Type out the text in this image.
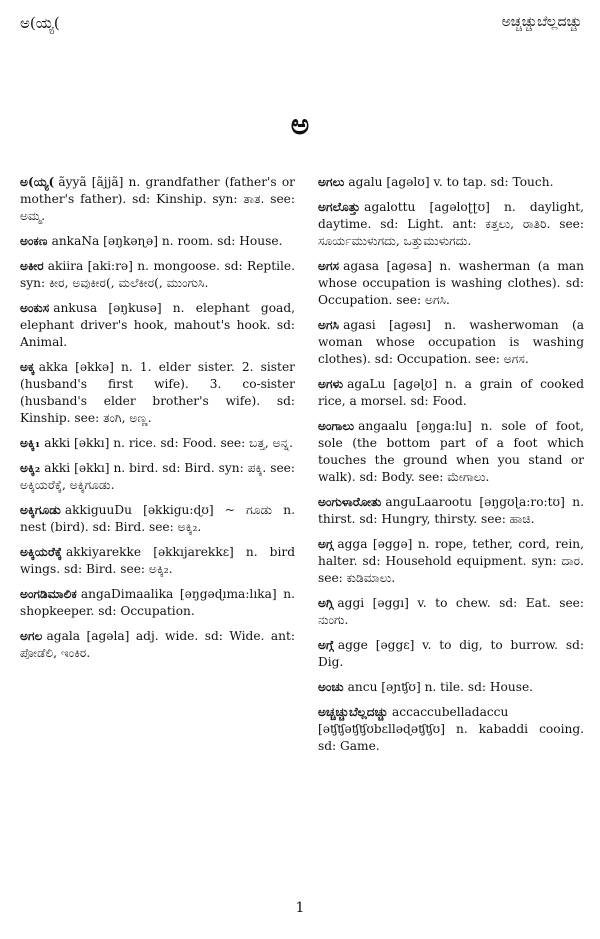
ಅ(ಯ್ಯ(	ಅಚ್ಚಚ್ಚುಬೆಲ್ಲದಚ್ಚು
ಅ
ಅ(ಯ್ಯ( ãyyã [ãjjã] n. grandfather (father's or mother's father). sd: Kinship. syn: ತಾತ. see: ಅಮ್ಮ.
ಅಂಕಣ ankaNa [əŋkəɳə] n. room. sd: House.
ಅಕೀರ akiira [aki:rə] n. mongoose. sd: Reptile. syn: ಕೀರ, ಅವುಕೀರ(, ಮಲೆಕೀರ(, ಮುಂಗುಸಿ.
ಅಂಕುಸ ankusa [əŋkusə] n. elephant goad, elephant driver's hook, mahout's hook. sd: Animal.
ಅಕ್ಕ akka [əkkə] n. 1. elder sister. 2. sister (husband's first wife). 3. co-sister (husband's elder brother's wife). sd: Kinship. see: ತಂಗಿ, ಅಣ್ಣ.
ಅಕ್ಕಿ₁ akki [əkkı] n. rice. sd: Food. see: ಬತ್ತ, ಅನ್ನ.
ಅಕ್ಕಿ₂ akki [əkkı] n. bird. sd: Bird. syn: ಪಕ್ಕಿ. see: ಅಕ್ಕಿಯರೆಕ್ಕೆ, ಅಕ್ಕಿಗೂಡು.
ಅಕ್ಕಿಗೂಡು akkiguuDu [əkkigu:ɖʊ] ~ ಗೂಡು n. nest (bird). sd: Bird. see: ಅಕ್ಕಿ₂.
ಅಕ್ಕಿಯರೆಕ್ಕೆ akkiyarekke [əkkıjarekkɛ] n. bird wings. sd: Bird. see: ಅಕ್ಕಿ₂.
ಅಂಗಡಿಮಾಲಿಕ angaDimaalika [əŋgəɖıma:lıka] n. shopkeeper. sd: Occupation.
ಅಗಲ agala [agəla] adj. wide. sd: Wide. ant: ಪೋಡೆಲಿ, ಇಂಕಿರ.
ಅಗಲು agalu [agəlʊ] v. to tap. sd: Touch.
ಅಗಲೊತ್ತು agalottu [agəloʈʈʊ] n. daylight, daytime. sd: Light. ant: ಕತ್ತಲು, ರಾತಿರಿ. see: ಸೂರ್ಯಮುಳುಗದು, ಒತ್ತುಮುಳುಗದು.
ಅಗಸ agasa [agəsa] n. washerman (a man whose occupation is washing clothes). sd: Occupation. see: ಅಗಸಿ.
ಅಗಸಿ agasi [agəsı] n. washerwoman (a woman whose occupation is washing clothes). sd: Occupation. see: ಅಗಸ.
ಅಗಳು agaLu [agəɭʊ] n. a grain of cooked rice, a morsel. sd: Food.
ಅಂಗಾಲು angaalu [əŋga:lu] n. sole of foot, sole (the bottom part of a foot which touches the ground when you stand or walk). sd: Body. see: ಮೇಗಾಲು.
ಅಂಗುಳಾರೋತು anguLaarootu [əŋgʊɭa:ro:tʊ] n. thirst. sd: Hungry, thirsty. see: ಹಾಚಿ.
ಅಗ್ಗ agga [əggə] n. rope, tether, cord, rein, halter. sd: Household equipment. syn: ದಾರ. see: ಕುಡಿಮಾಲು.
ಅಗ್ಗಿ aggi [əggı] v. to chew. sd: Eat. see: ನುಂಗು.
ಅಗ್ಗೆ agge [əggɛ] v. to dig, to burrow. sd: Dig.
ಅಂಚು ancu [əɲʧʊ] n. tile. sd: House.
ಅಚ್ಚಚ್ಚುಬೆಲ್ಲದಚ್ಚು accaccubelladaccu [əʧʧəʧʧʊbɛlləɖəʧʧʊ] n. kabaddi cooing. sd: Game.
1
